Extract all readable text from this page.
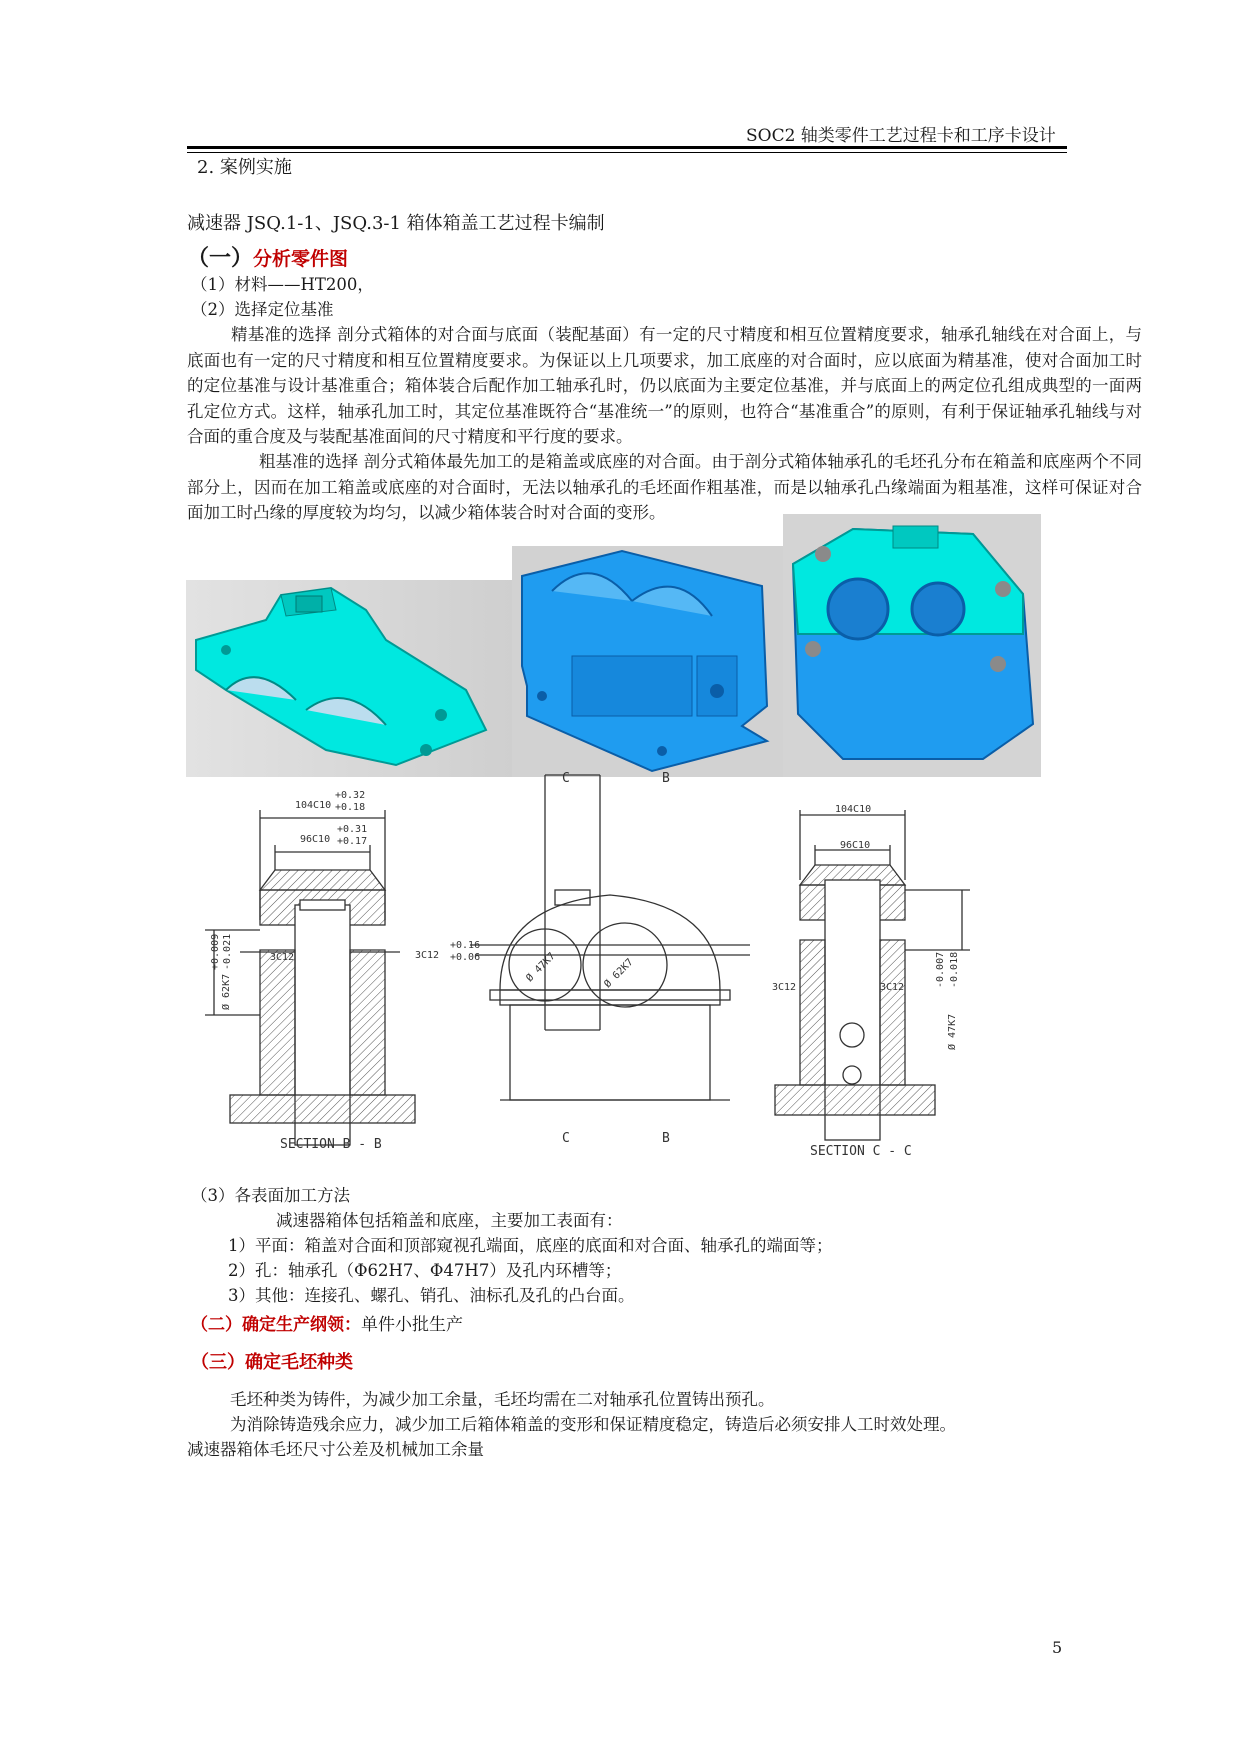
SOC2 轴类零件工艺过程卡和工序卡设计
2. 案例实施
减速器 JSQ.1-1、JSQ.3-1 箱体箱盖工艺过程卡编制
（一）分析零件图
（1）材料——HT200，
（2）选择定位基准
精基准的选择 剖分式箱体的对合面与底面（装配基面）有一定的尺寸精度和相互位置精度要求，轴承孔轴线在对合面上，与底面也有一定的尺寸精度和相互位置精度要求。为保证以上几项要求，加工底座的对合面时，应以底面为精基准，使对合面加工时的定位基准与设计基准重合；箱体装合后配作加工轴承孔时，仍以底面为主要定位基准，并与底面上的两定位孔组成典型的一面两孔定位方式。这样，轴承孔加工时，其定位基准既符合“基准统一”的原则，也符合“基准重合”的原则，有利于保证轴承孔轴线与对合面的重合度及与装配基准面间的尺寸精度和平行度的要求。
粗基准的选择 剖分式箱体最先加工的是箱盖或底座的对合面。由于剖分式箱体轴承孔的毛坯孔分布在箱盖和底座两个不同部分上，因而在加工箱盖或底座的对合面时，无法以轴承孔的毛坯面作粗基准，而是以轴承孔凸缘端面为粗基准，这样可保证对合面加工时凸缘的厚度较为均匀，以减少箱体装合时对合面的变形。
104C10
+0.32
+0.18
96C10
+0.31
+0.17
3C12	3C12
+0.16
+0.06
Ø 62K7
+0.009 -0.021
SECTION B - B
C	B
C	B
Ø 47K7	Ø 62K7
104C10
96C10
3C12	3C12
Ø 47K7
-0.007 -0.018
SECTION C - C
（3）各表面加工方法
减速器箱体包括箱盖和底座，主要加工表面有：
1）平面：箱盖对合面和顶部窥视孔端面，底座的底面和对合面、轴承孔的端面等；
2）孔：轴承孔（Φ62H7、Φ47H7）及孔内环槽等；
3）其他：连接孔、螺孔、销孔、油标孔及孔的凸台面。
（二）确定生产纲领：单件小批生产
（三）确定毛坯种类
毛坯种类为铸件，为减少加工余量，毛坯均需在二对轴承孔位置铸出预孔。
为消除铸造残余应力，减少加工后箱体箱盖的变形和保证精度稳定，铸造后必须安排人工时效处理。
减速器箱体毛坯尺寸公差及机械加工余量
5
